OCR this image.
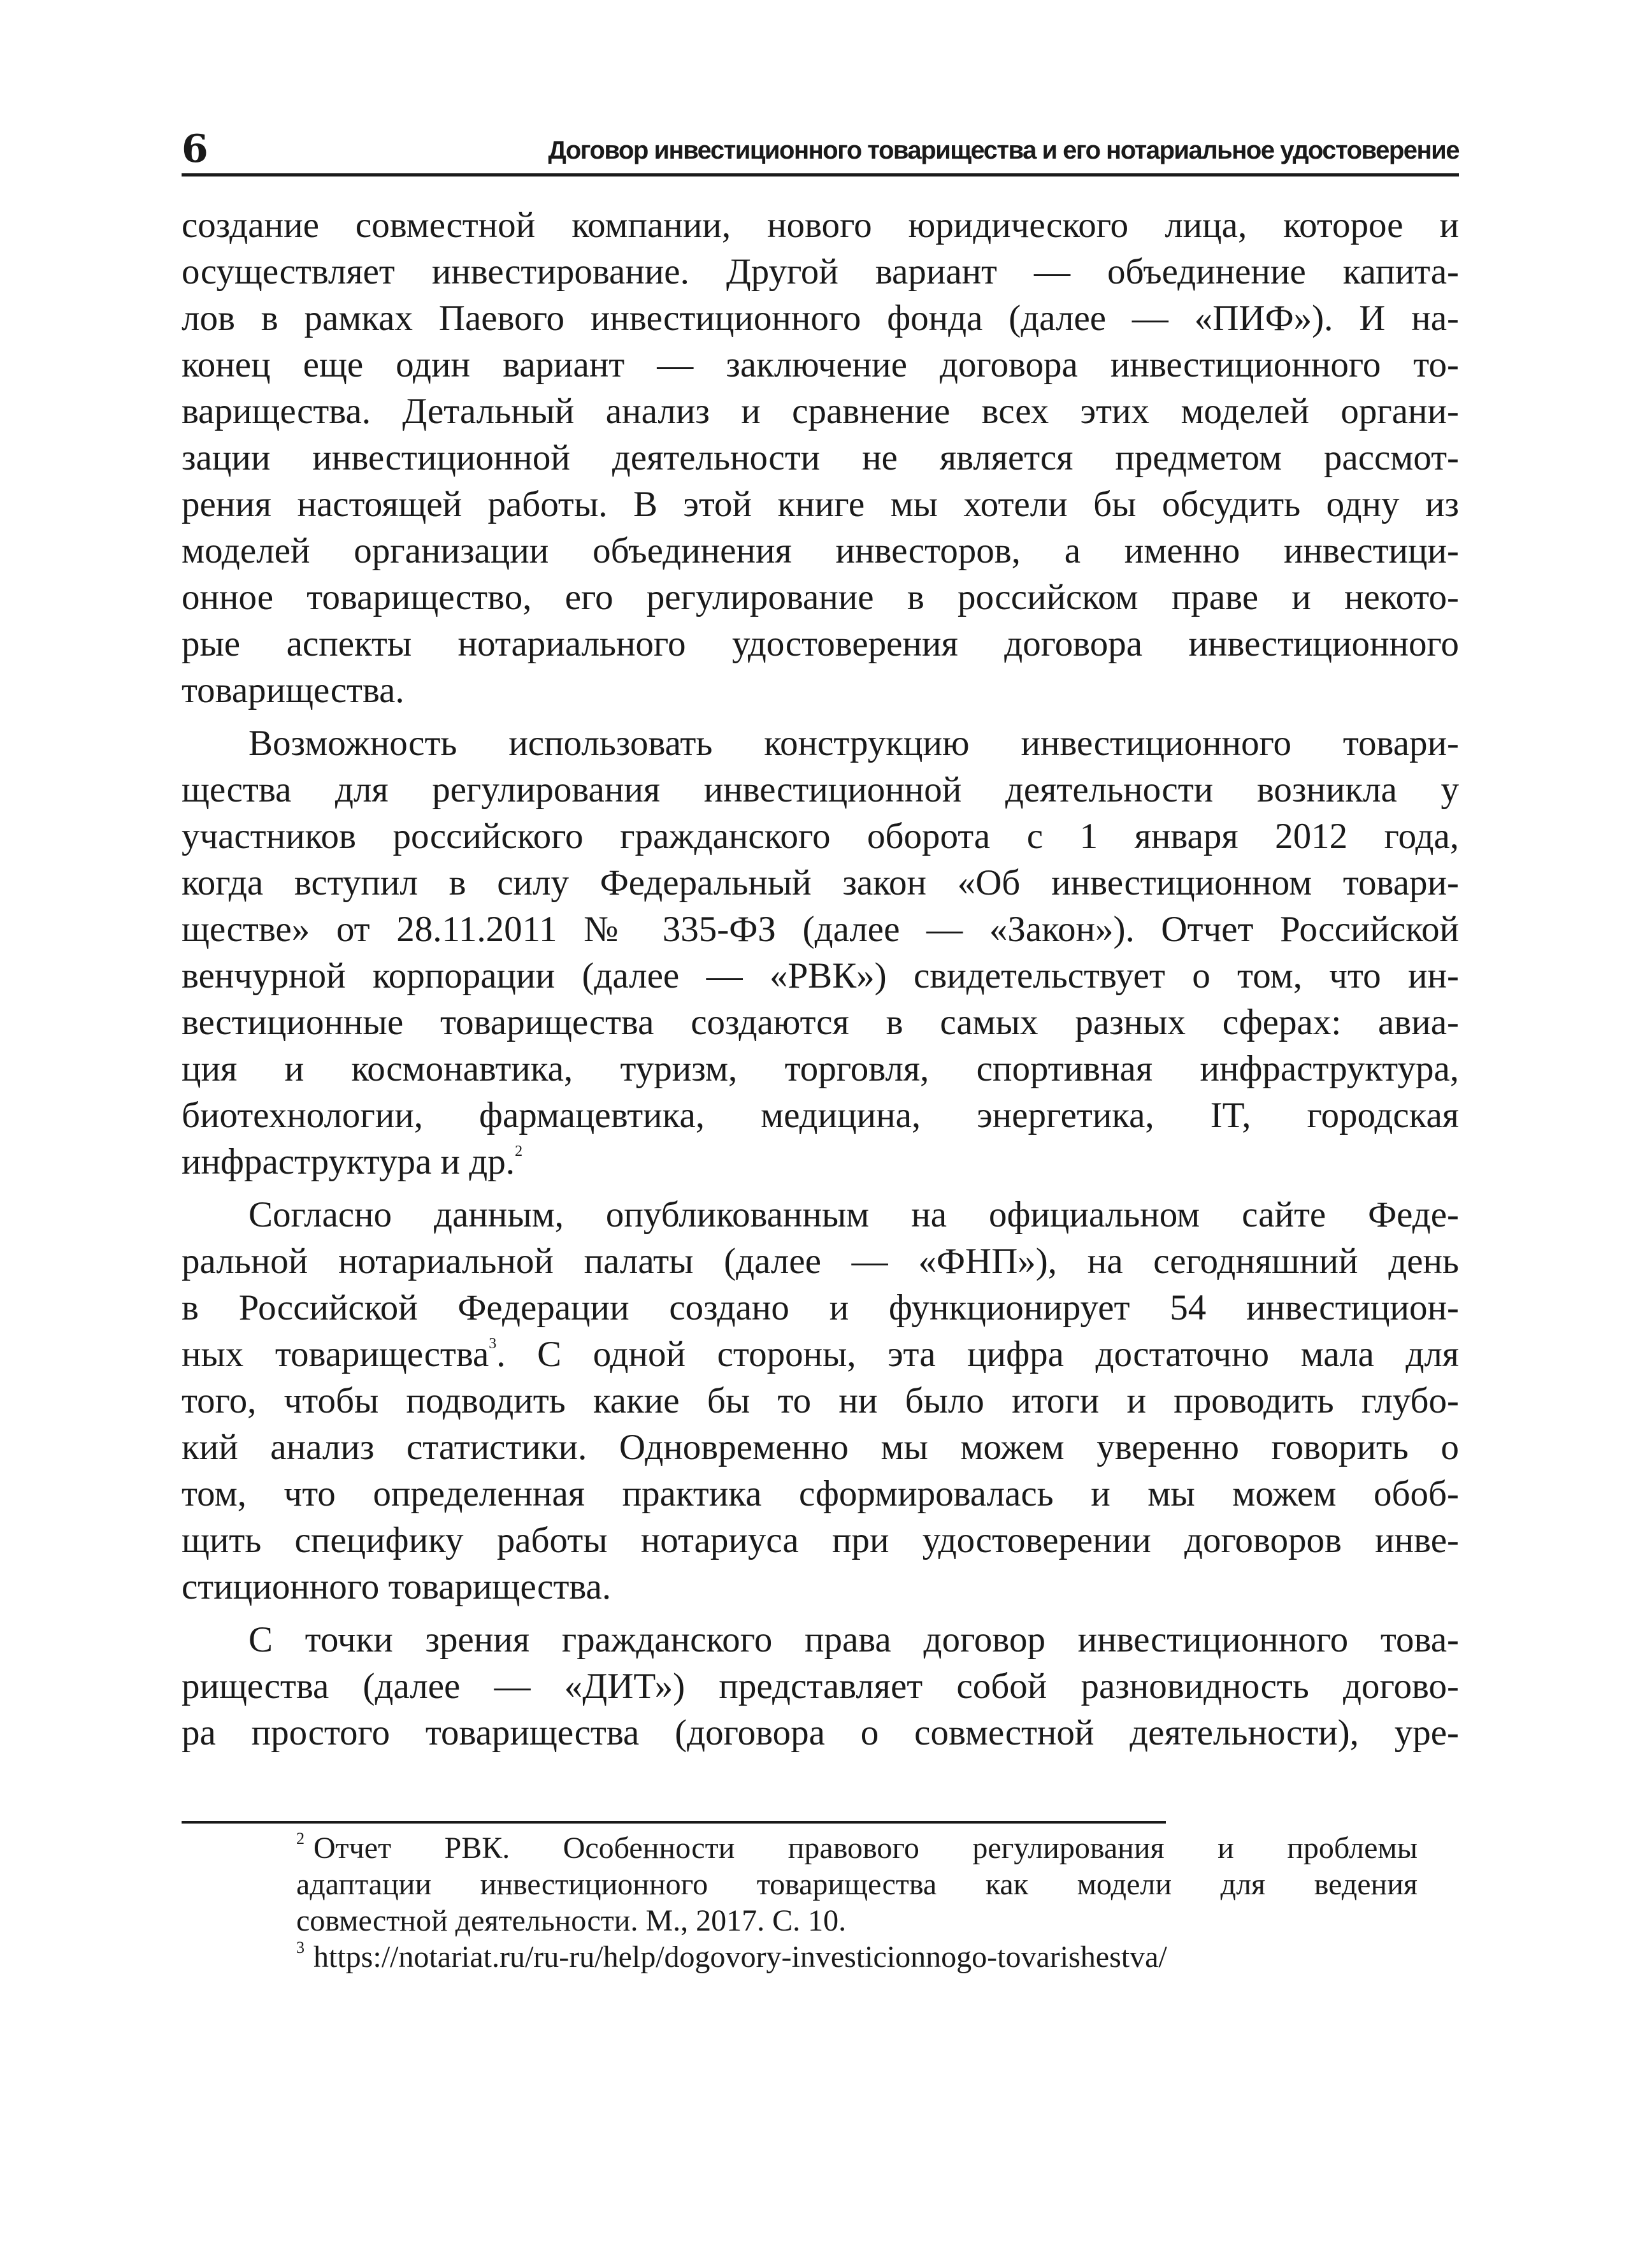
6	Договор инвестиционного товарищества и его нотариальное удостоверение
создание совместной компании, нового юридического лица, которое и
осуществляет инвестирование. Другой вариант — объединение капита-
лов в рамках Паевого инвестиционного фонда (далее — «ПИФ»). И на-
конец еще один вариант — заключение договора инвестиционного то-
варищества. Детальный анализ и сравнение всех этих моделей органи-
зации инвестиционной деятельности не является предметом рассмот-
рения настоящей работы. В этой книге мы хотели бы обсудить одну из
моделей организации объединения инвесторов, а именно инвестици-
онное товарищество, его регулирование в российском праве и некото-
рые аспекты нотариального удостоверения договора инвестиционного
товарищества.
Возможность использовать конструкцию инвестиционного товари-
щества для регулирования инвестиционной деятельности возникла у
участников российского гражданского оборота с 1 января 2012 года,
когда вступил в силу Федеральный закон «Об инвестиционном товари-
ществе» от 28.11.2011 № 335-ФЗ (далее — «Закон»). Отчет Российской
венчурной корпорации (далее — «РВК») свидетельствует о том, что ин-
вестиционные товарищества создаются в самых разных сферах: авиа-
ция и космонавтика, туризм, торговля, спортивная инфраструктура,
биотехнологии, фармацевтика, медицина, энергетика, IT, городская
инфраструктура и др.$^2$
Согласно данным, опубликованным на официальном сайте Феде-
ральной нотариальной палаты (далее — «ФНП»), на сегодняшний день
в Российской Федерации создано и функционирует 54 инвестицион-
ных товарищества$^3$. С одной стороны, эта цифра достаточно мала для
того, чтобы подводить какие бы то ни было итоги и проводить глубо-
кий анализ статистики. Одновременно мы можем уверенно говорить о
том, что определенная практика сформировалась и мы можем обоб-
щить специфику работы нотариуса при удостоверении договоров инве-
стиционного товарищества.
С точки зрения гражданского права договор инвестиционного това-
рищества (далее — «ДИТ») представляет собой разновидность догово-
ра простого товарищества (договора о совместной деятельности), уре-
$^2$ Отчет РВК. Особенности правового регулирования и проблемы
адаптации инвестиционного товарищества как модели для ведения
совместной деятельности. М., 2017. С. 10.
$^3$ https://notariat.ru/ru-ru/help/dogovory-investicionnogo-tovarishestva/
